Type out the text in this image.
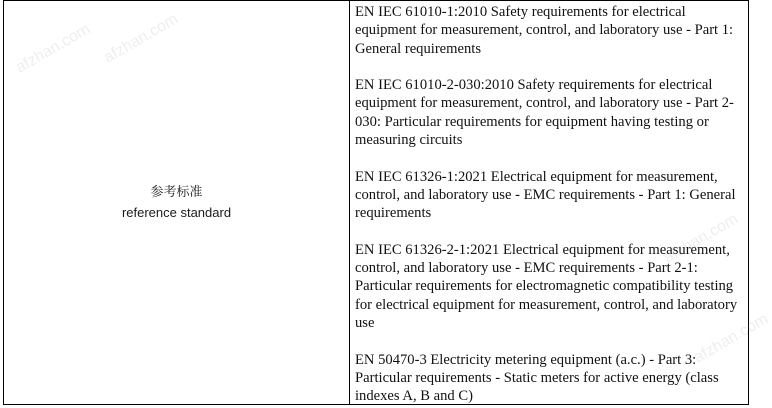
参考标准
reference standard

EN IEC 61010-1:2010 Safety requirements for electrical equipment for measurement, control, and laboratory use - Part 1: General requirements

EN IEC 61010-2-030:2010 Safety requirements for electrical equipment for measurement, control, and laboratory use - Part 2-030: Particular requirements for equipment having testing or measuring circuits

EN IEC 61326-1:2021 Electrical equipment for measurement, control, and laboratory use - EMC requirements - Part 1: General requirements

EN IEC 61326-2-1:2021 Electrical equipment for measurement, control, and laboratory use - EMC requirements - Part 2-1: Particular requirements for electromagnetic compatibility testing for electrical equipment for measurement, control, and laboratory use

EN 50470-3 Electricity metering equipment (a.c.) - Part 3: Particular requirements - Static meters for active energy (class indexes A, B and C)

afzhan.com afzhan.com
afzhan.com
afzhan.com
